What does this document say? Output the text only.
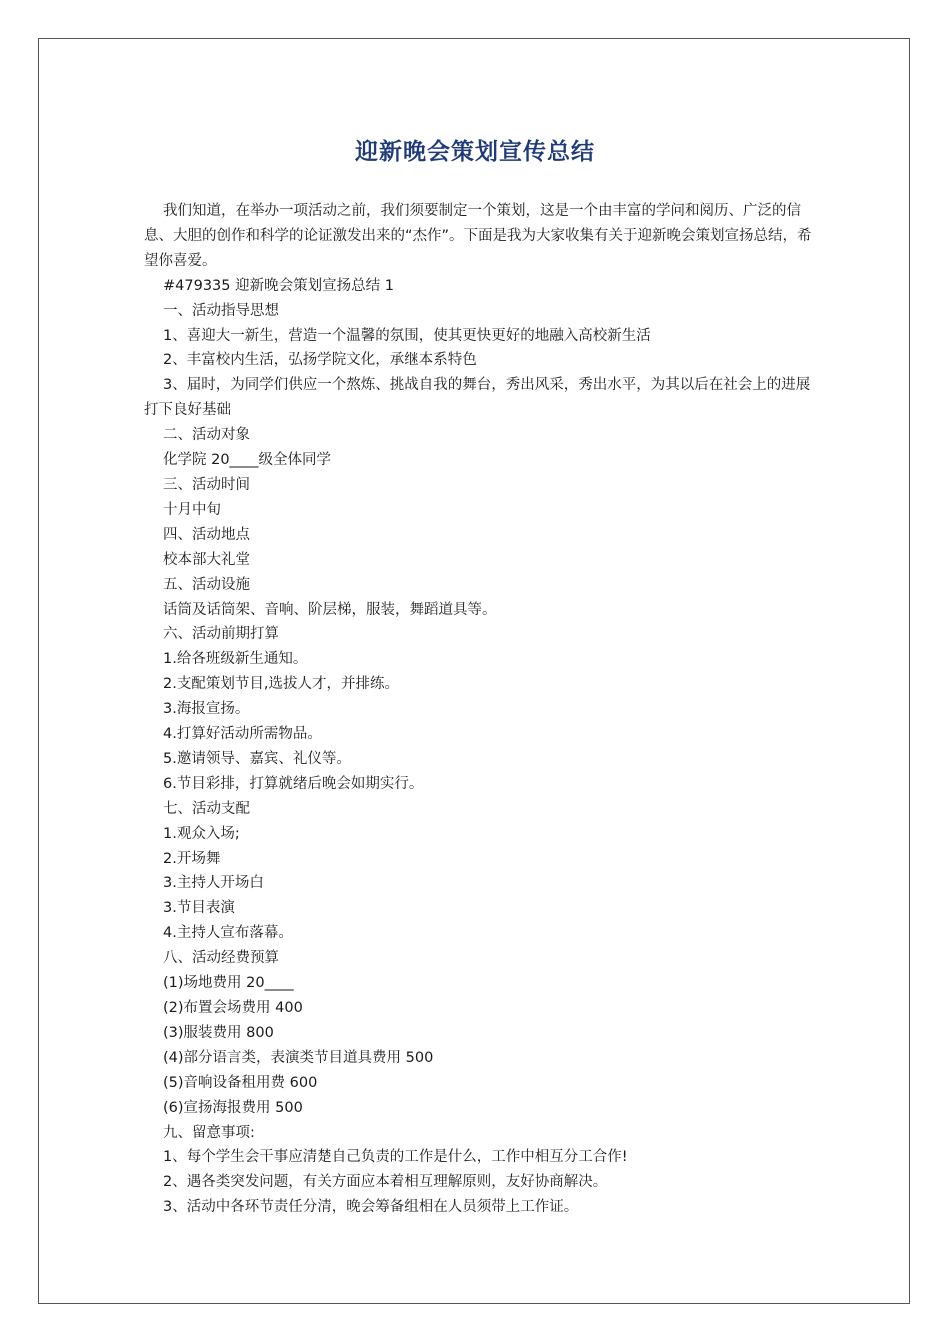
迎新晚会策划宣传总结

我们知道，在举办一项活动之前，我们须要制定一个策划，这是一个由丰富的学问和阅历、广泛的信息、大胆的创作和科学的论证激发出来的“杰作”。下面是我为大家收集有关于迎新晚会策划宣扬总结，希望你喜爱。

#479335 迎新晚会策划宣扬总结 1

一、活动指导思想

1、喜迎大一新生，营造一个温馨的氛围，使其更快更好的地融入高校新生活

2、丰富校内生活，弘扬学院文化，承继本系特色

3、届时，为同学们供应一个熬炼、挑战自我的舞台，秀出风采，秀出水平，为其以后在社会上的进展打下良好基础

二、活动对象

化学院 20____级全体同学

三、活动时间

十月中旬

四、活动地点

校本部大礼堂

五、活动设施

话筒及话筒架、音响、阶层梯，服装，舞蹈道具等。

六、活动前期打算

1.给各班级新生通知。

2.支配策划节目,选拔人才，并排练。

3.海报宣扬。

4.打算好活动所需物品。

5.邀请领导、嘉宾、礼仪等。

6.节目彩排，打算就绪后晚会如期实行。

七、活动支配

1.观众入场;

2.开场舞

3.主持人开场白

3.节目表演

4.主持人宣布落幕。

八、活动经费预算

(1)场地费用 20____

(2)布置会场费用 400

(3)服装费用 800

(4)部分语言类，表演类节目道具费用 500

(5)音响设备租用费 600

(6)宣扬海报费用 500

九、留意事项:

1、每个学生会干事应清楚自己负责的工作是什么，工作中相互分工合作!

2、遇各类突发问题，有关方面应本着相互理解原则，友好协商解决。

3、活动中各环节责任分清，晚会筹备组相在人员须带上工作证。
